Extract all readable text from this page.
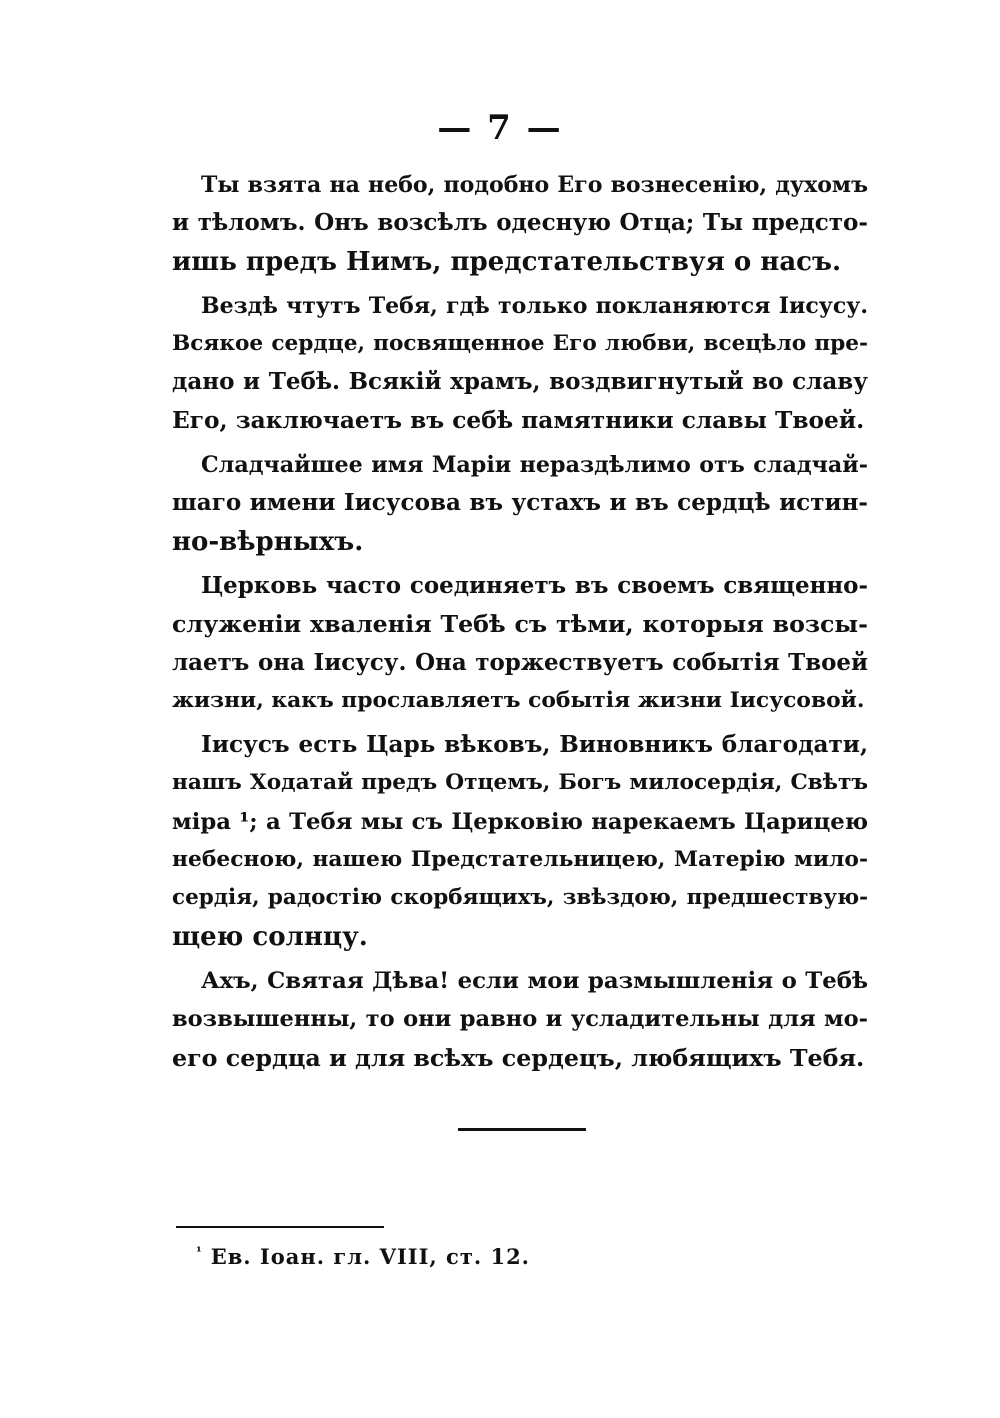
— 7 —
Ты взята на небо, подобно Его вознесенію, духомъ
и тѣломъ. Онъ возсѣлъ одесную Отца; Ты предсто-
ишь предъ Нимъ, предстательствуя о насъ.
Вездѣ чтутъ Тебя, гдѣ только покланяются Іисусу.
Всякое сердце, посвященное Его любви, всецѣло пре-
дано и Тебѣ. Всякій храмъ, воздвигнутый во славу
Его, заключаетъ въ себѣ памятники славы Твоей.
Сладчайшее имя Маріи нераздѣлимо отъ сладчай-
шаго имени Іисусова въ устахъ и въ сердцѣ истин-
но-вѣрныхъ.
Церковь часто соединяетъ въ своемъ священно-
служеніи хваленія Тебѣ съ тѣми, которыя возсы-
лаетъ она Іисусу. Она торжествуетъ событія Твоей
жизни, какъ прославляетъ событія жизни Іисусовой.
Іисусъ есть Царь вѣковъ, Виновникъ благодати,
нашъ Ходатай предъ Отцемъ, Богъ милосердія, Свѣтъ
міра ¹; а Тебя мы съ Церковію нарекаемъ Царицею
небесною, нашею Предстательницею, Матерію мило-
сердія, радостію скорбящихъ, звѣздою, предшествую-
щею солнцу.
Ахъ, Святая Дѣва! если мои размышленія о Тебѣ
возвышенны, то они равно и усладительны для мо-
его сердца и для всѣхъ сердецъ, любящихъ Тебя.
$^{^1}$ Ев. Іоан. гл. VIII, ст. 12.
